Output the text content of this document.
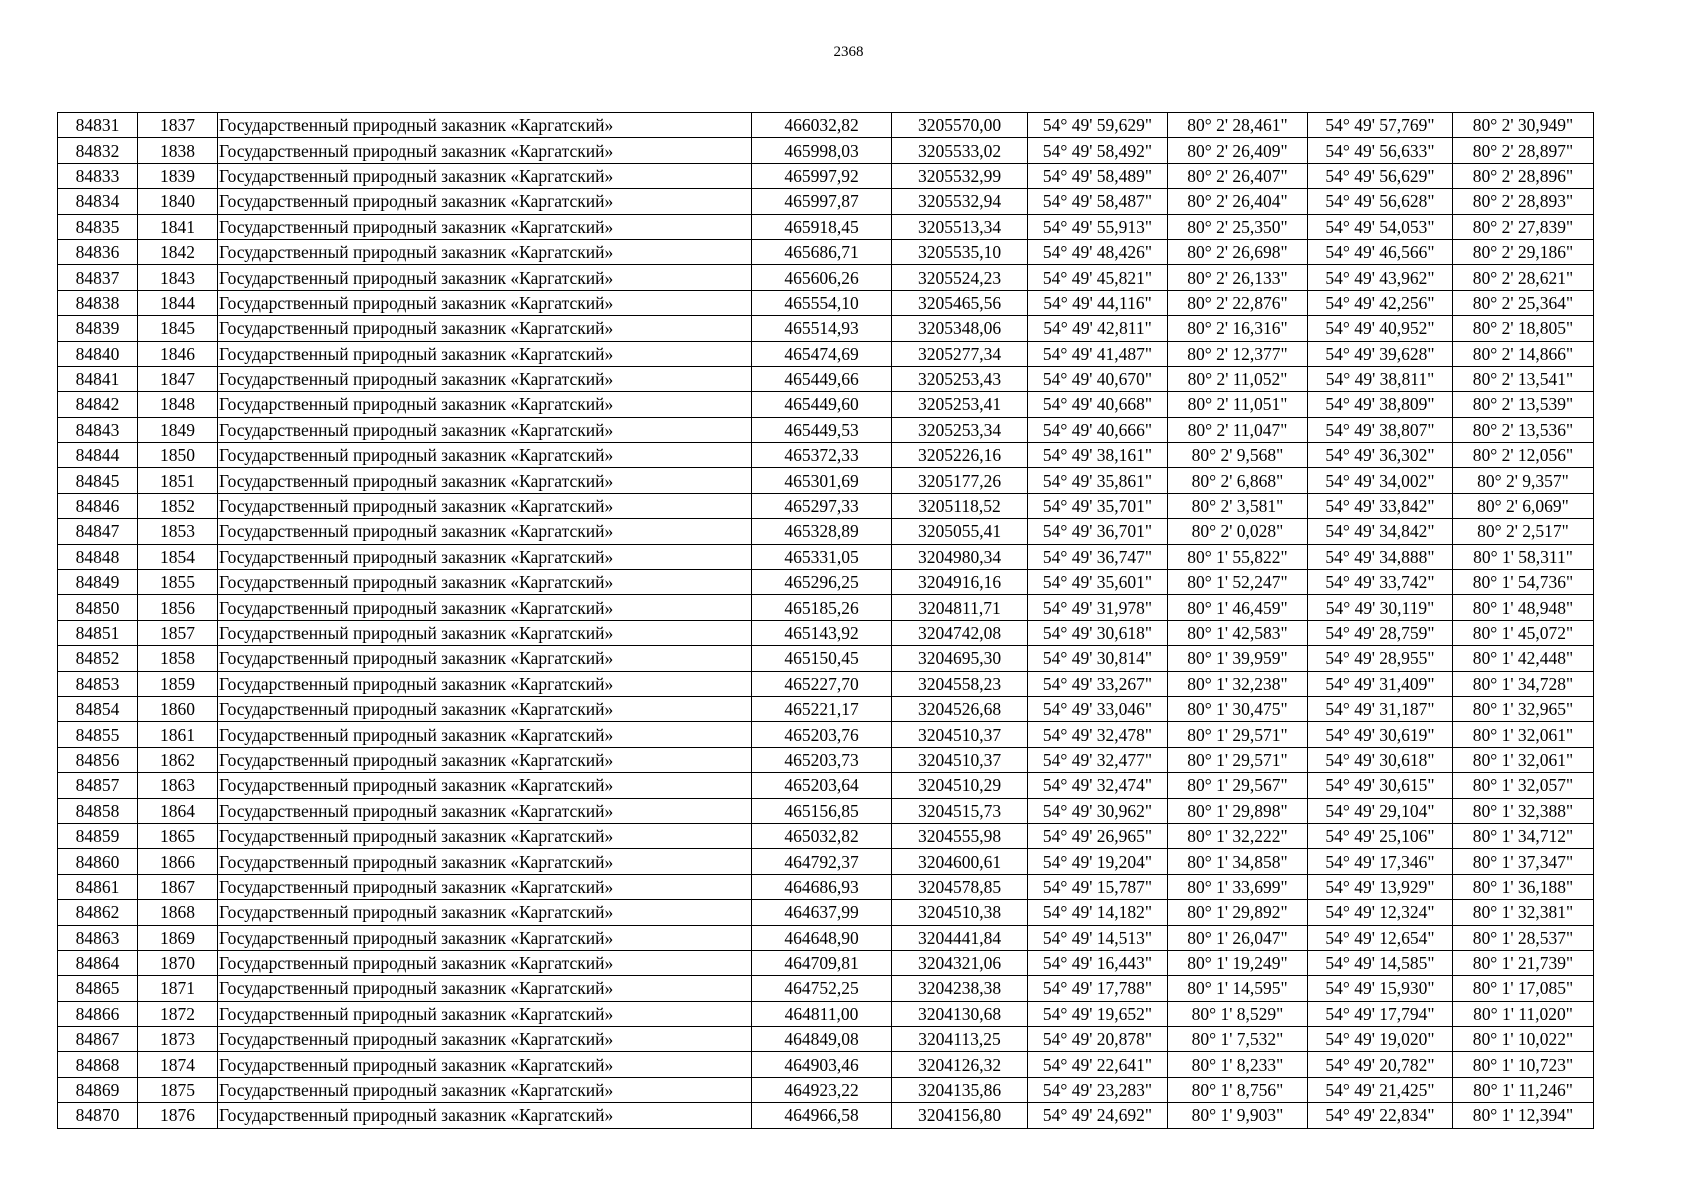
2368
84831	1837	Государственный природный заказник «Каргатский»	466032,82	3205570,00	54° 49' 59,629"	80° 2' 28,461"	54° 49' 57,769"	80° 2' 30,949"
84832	1838	Государственный природный заказник «Каргатский»	465998,03	3205533,02	54° 49' 58,492"	80° 2' 26,409"	54° 49' 56,633"	80° 2' 28,897"
84833	1839	Государственный природный заказник «Каргатский»	465997,92	3205532,99	54° 49' 58,489"	80° 2' 26,407"	54° 49' 56,629"	80° 2' 28,896"
84834	1840	Государственный природный заказник «Каргатский»	465997,87	3205532,94	54° 49' 58,487"	80° 2' 26,404"	54° 49' 56,628"	80° 2' 28,893"
84835	1841	Государственный природный заказник «Каргатский»	465918,45	3205513,34	54° 49' 55,913"	80° 2' 25,350"	54° 49' 54,053"	80° 2' 27,839"
84836	1842	Государственный природный заказник «Каргатский»	465686,71	3205535,10	54° 49' 48,426"	80° 2' 26,698"	54° 49' 46,566"	80° 2' 29,186"
84837	1843	Государственный природный заказник «Каргатский»	465606,26	3205524,23	54° 49' 45,821"	80° 2' 26,133"	54° 49' 43,962"	80° 2' 28,621"
84838	1844	Государственный природный заказник «Каргатский»	465554,10	3205465,56	54° 49' 44,116"	80° 2' 22,876"	54° 49' 42,256"	80° 2' 25,364"
84839	1845	Государственный природный заказник «Каргатский»	465514,93	3205348,06	54° 49' 42,811"	80° 2' 16,316"	54° 49' 40,952"	80° 2' 18,805"
84840	1846	Государственный природный заказник «Каргатский»	465474,69	3205277,34	54° 49' 41,487"	80° 2' 12,377"	54° 49' 39,628"	80° 2' 14,866"
84841	1847	Государственный природный заказник «Каргатский»	465449,66	3205253,43	54° 49' 40,670"	80° 2' 11,052"	54° 49' 38,811"	80° 2' 13,541"
84842	1848	Государственный природный заказник «Каргатский»	465449,60	3205253,41	54° 49' 40,668"	80° 2' 11,051"	54° 49' 38,809"	80° 2' 13,539"
84843	1849	Государственный природный заказник «Каргатский»	465449,53	3205253,34	54° 49' 40,666"	80° 2' 11,047"	54° 49' 38,807"	80° 2' 13,536"
84844	1850	Государственный природный заказник «Каргатский»	465372,33	3205226,16	54° 49' 38,161"	80° 2' 9,568"	54° 49' 36,302"	80° 2' 12,056"
84845	1851	Государственный природный заказник «Каргатский»	465301,69	3205177,26	54° 49' 35,861"	80° 2' 6,868"	54° 49' 34,002"	80° 2' 9,357"
84846	1852	Государственный природный заказник «Каргатский»	465297,33	3205118,52	54° 49' 35,701"	80° 2' 3,581"	54° 49' 33,842"	80° 2' 6,069"
84847	1853	Государственный природный заказник «Каргатский»	465328,89	3205055,41	54° 49' 36,701"	80° 2' 0,028"	54° 49' 34,842"	80° 2' 2,517"
84848	1854	Государственный природный заказник «Каргатский»	465331,05	3204980,34	54° 49' 36,747"	80° 1' 55,822"	54° 49' 34,888"	80° 1' 58,311"
84849	1855	Государственный природный заказник «Каргатский»	465296,25	3204916,16	54° 49' 35,601"	80° 1' 52,247"	54° 49' 33,742"	80° 1' 54,736"
84850	1856	Государственный природный заказник «Каргатский»	465185,26	3204811,71	54° 49' 31,978"	80° 1' 46,459"	54° 49' 30,119"	80° 1' 48,948"
84851	1857	Государственный природный заказник «Каргатский»	465143,92	3204742,08	54° 49' 30,618"	80° 1' 42,583"	54° 49' 28,759"	80° 1' 45,072"
84852	1858	Государственный природный заказник «Каргатский»	465150,45	3204695,30	54° 49' 30,814"	80° 1' 39,959"	54° 49' 28,955"	80° 1' 42,448"
84853	1859	Государственный природный заказник «Каргатский»	465227,70	3204558,23	54° 49' 33,267"	80° 1' 32,238"	54° 49' 31,409"	80° 1' 34,728"
84854	1860	Государственный природный заказник «Каргатский»	465221,17	3204526,68	54° 49' 33,046"	80° 1' 30,475"	54° 49' 31,187"	80° 1' 32,965"
84855	1861	Государственный природный заказник «Каргатский»	465203,76	3204510,37	54° 49' 32,478"	80° 1' 29,571"	54° 49' 30,619"	80° 1' 32,061"
84856	1862	Государственный природный заказник «Каргатский»	465203,73	3204510,37	54° 49' 32,477"	80° 1' 29,571"	54° 49' 30,618"	80° 1' 32,061"
84857	1863	Государственный природный заказник «Каргатский»	465203,64	3204510,29	54° 49' 32,474"	80° 1' 29,567"	54° 49' 30,615"	80° 1' 32,057"
84858	1864	Государственный природный заказник «Каргатский»	465156,85	3204515,73	54° 49' 30,962"	80° 1' 29,898"	54° 49' 29,104"	80° 1' 32,388"
84859	1865	Государственный природный заказник «Каргатский»	465032,82	3204555,98	54° 49' 26,965"	80° 1' 32,222"	54° 49' 25,106"	80° 1' 34,712"
84860	1866	Государственный природный заказник «Каргатский»	464792,37	3204600,61	54° 49' 19,204"	80° 1' 34,858"	54° 49' 17,346"	80° 1' 37,347"
84861	1867	Государственный природный заказник «Каргатский»	464686,93	3204578,85	54° 49' 15,787"	80° 1' 33,699"	54° 49' 13,929"	80° 1' 36,188"
84862	1868	Государственный природный заказник «Каргатский»	464637,99	3204510,38	54° 49' 14,182"	80° 1' 29,892"	54° 49' 12,324"	80° 1' 32,381"
84863	1869	Государственный природный заказник «Каргатский»	464648,90	3204441,84	54° 49' 14,513"	80° 1' 26,047"	54° 49' 12,654"	80° 1' 28,537"
84864	1870	Государственный природный заказник «Каргатский»	464709,81	3204321,06	54° 49' 16,443"	80° 1' 19,249"	54° 49' 14,585"	80° 1' 21,739"
84865	1871	Государственный природный заказник «Каргатский»	464752,25	3204238,38	54° 49' 17,788"	80° 1' 14,595"	54° 49' 15,930"	80° 1' 17,085"
84866	1872	Государственный природный заказник «Каргатский»	464811,00	3204130,68	54° 49' 19,652"	80° 1' 8,529"	54° 49' 17,794"	80° 1' 11,020"
84867	1873	Государственный природный заказник «Каргатский»	464849,08	3204113,25	54° 49' 20,878"	80° 1' 7,532"	54° 49' 19,020"	80° 1' 10,022"
84868	1874	Государственный природный заказник «Каргатский»	464903,46	3204126,32	54° 49' 22,641"	80° 1' 8,233"	54° 49' 20,782"	80° 1' 10,723"
84869	1875	Государственный природный заказник «Каргатский»	464923,22	3204135,86	54° 49' 23,283"	80° 1' 8,756"	54° 49' 21,425"	80° 1' 11,246"
84870	1876	Государственный природный заказник «Каргатский»	464966,58	3204156,80	54° 49' 24,692"	80° 1' 9,903"	54° 49' 22,834"	80° 1' 12,394"
